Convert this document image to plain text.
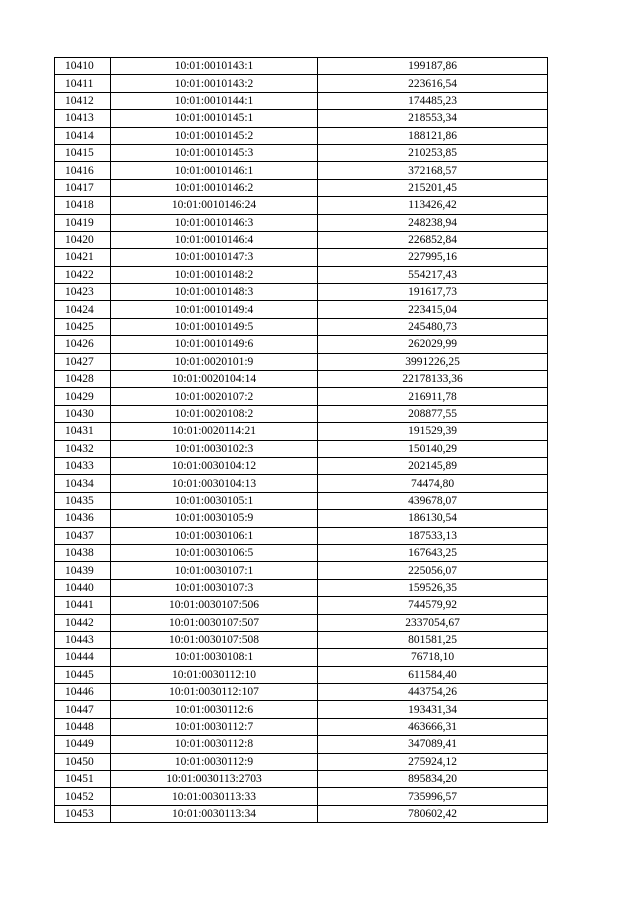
10410	10:01:0010143:1	199187,86
10411	10:01:0010143:2	223616,54
10412	10:01:0010144:1	174485,23
10413	10:01:0010145:1	218553,34
10414	10:01:0010145:2	188121,86
10415	10:01:0010145:3	210253,85
10416	10:01:0010146:1	372168,57
10417	10:01:0010146:2	215201,45
10418	10:01:0010146:24	113426,42
10419	10:01:0010146:3	248238,94
10420	10:01:0010146:4	226852,84
10421	10:01:0010147:3	227995,16
10422	10:01:0010148:2	554217,43
10423	10:01:0010148:3	191617,73
10424	10:01:0010149:4	223415,04
10425	10:01:0010149:5	245480,73
10426	10:01:0010149:6	262029,99
10427	10:01:0020101:9	3991226,25
10428	10:01:0020104:14	22178133,36
10429	10:01:0020107:2	216911,78
10430	10:01:0020108:2	208877,55
10431	10:01:0020114:21	191529,39
10432	10:01:0030102:3	150140,29
10433	10:01:0030104:12	202145,89
10434	10:01:0030104:13	74474,80
10435	10:01:0030105:1	439678,07
10436	10:01:0030105:9	186130,54
10437	10:01:0030106:1	187533,13
10438	10:01:0030106:5	167643,25
10439	10:01:0030107:1	225056,07
10440	10:01:0030107:3	159526,35
10441	10:01:0030107:506	744579,92
10442	10:01:0030107:507	2337054,67
10443	10:01:0030107:508	801581,25
10444	10:01:0030108:1	76718,10
10445	10:01:0030112:10	611584,40
10446	10:01:0030112:107	443754,26
10447	10:01:0030112:6	193431,34
10448	10:01:0030112:7	463666,31
10449	10:01:0030112:8	347089,41
10450	10:01:0030112:9	275924,12
10451	10:01:0030113:2703	895834,20
10452	10:01:0030113:33	735996,57
10453	10:01:0030113:34	780602,42
